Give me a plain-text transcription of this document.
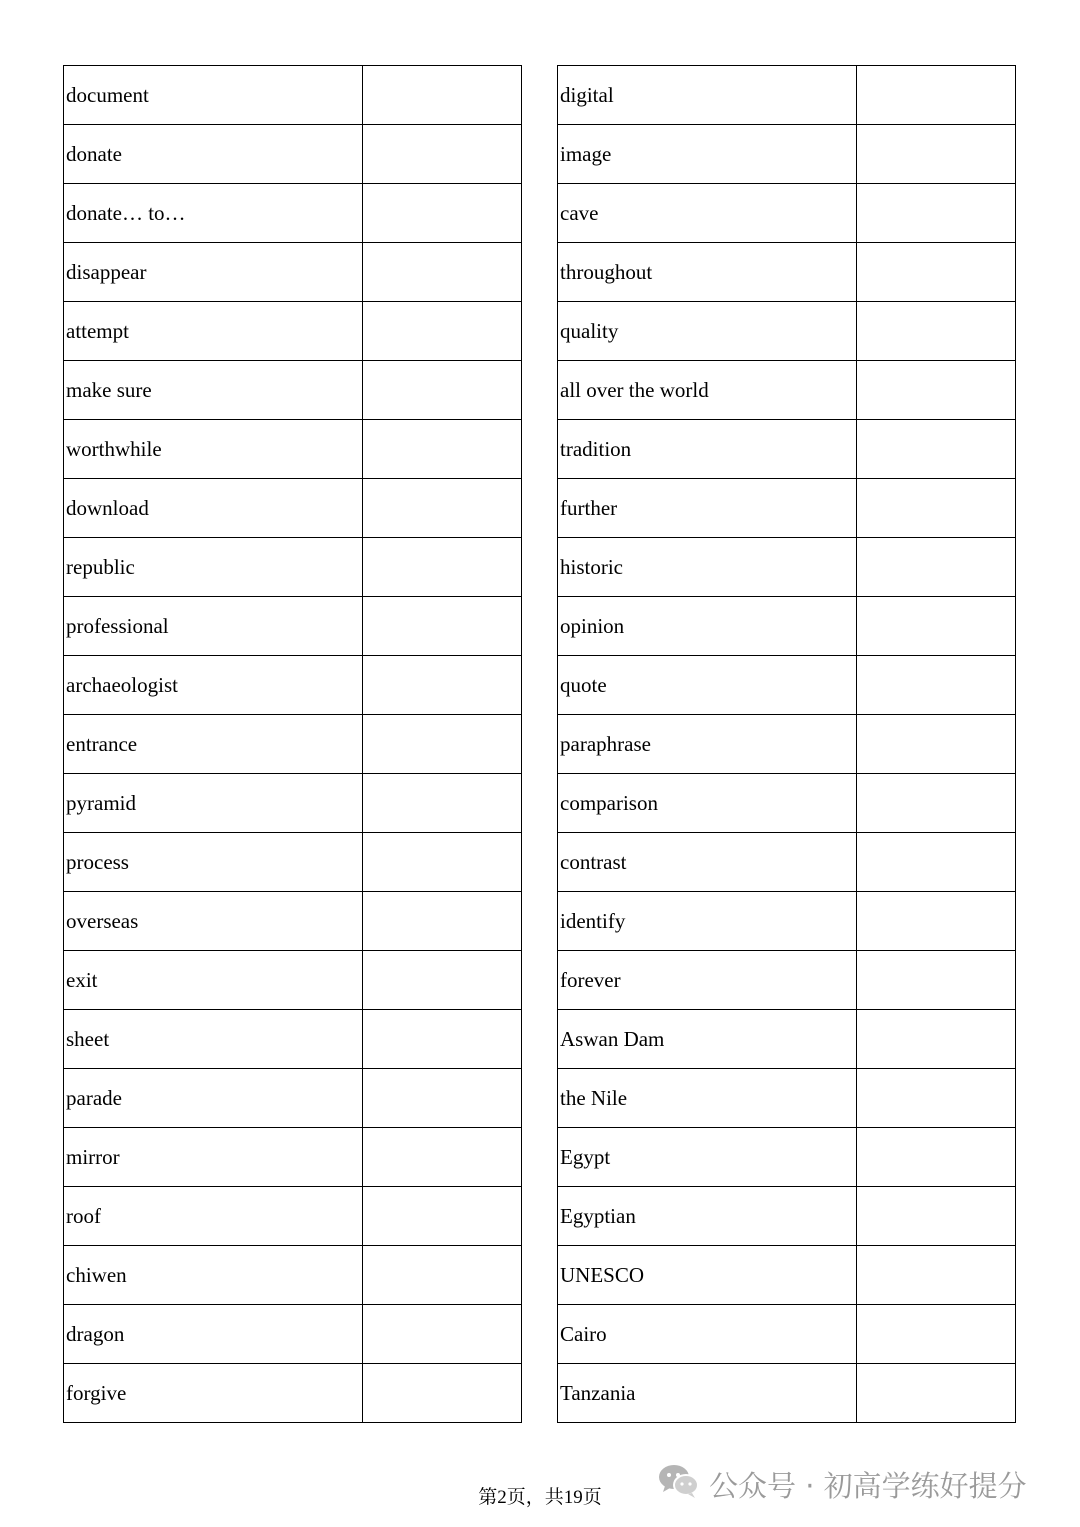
document	
donate	
donate… to…	
disappear	
attempt	
make sure	
worthwhile	
download	
republic	
professional	
archaeologist	
entrance	
pyramid	
process	
overseas	
exit	
sheet	
parade	
mirror	
roof	
chiwen	
dragon	
forgive	
digital	
image	
cave	
throughout	
quality	
all over the world	
tradition	
further	
historic	
opinion	
quote	
paraphrase	
comparison	
contrast	
identify	
forever	
Aswan Dam	
the Nile	
Egypt	
Egyptian	
UNESCO	
Cairo	
Tanzania	
第2页，共19页	公众号 · 初高学练好提分
